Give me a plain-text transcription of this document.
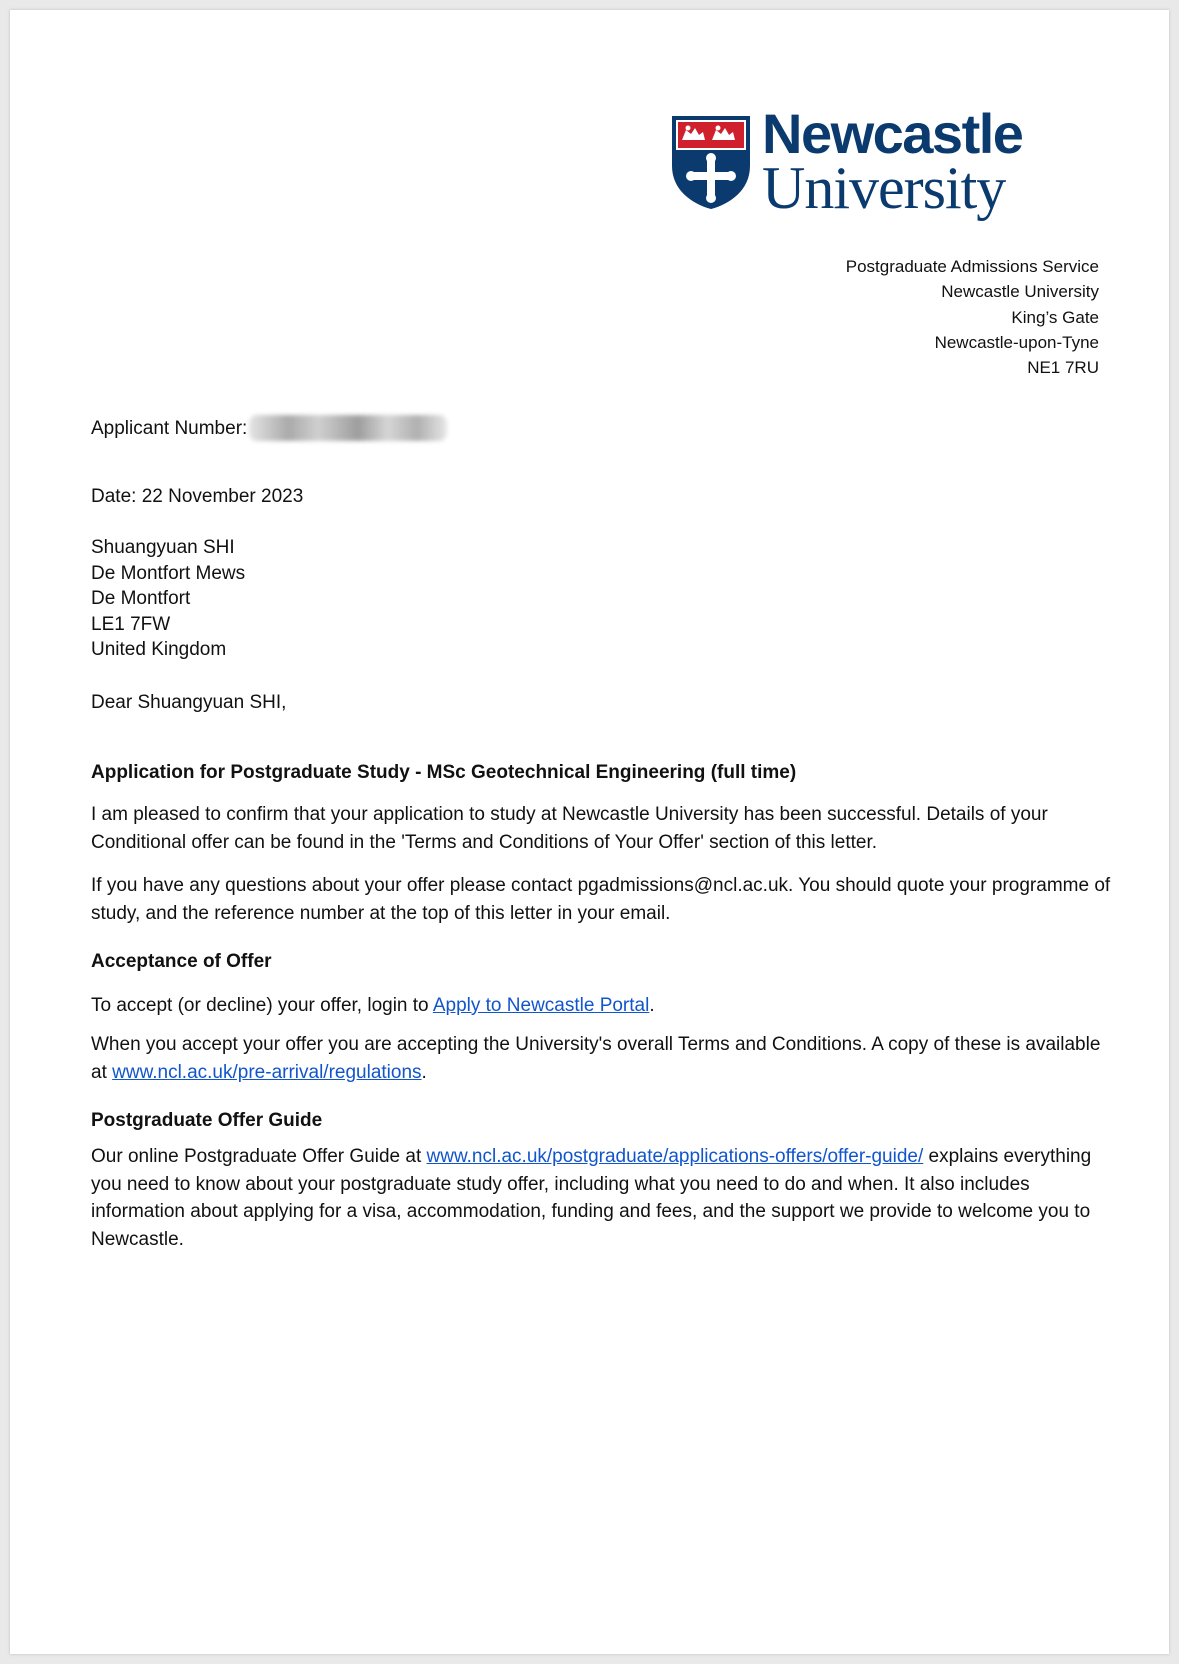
Newcastle
University
Postgraduate Admissions Service
Newcastle University
King’s Gate
Newcastle-upon-Tyne
NE1 7RU
Applicant Number:
Date: 22 November 2023
Shuangyuan SHI
De Montfort Mews
De Montfort
LE1 7FW
United Kingdom
Dear Shuangyuan SHI,
Application for Postgraduate Study - MSc Geotechnical Engineering (full time)

I am pleased to confirm that your application to study at Newcastle University has been successful. Details of your Conditional offer can be found in the 'Terms and Conditions of Your Offer' section of this letter.

If you have any questions about your offer please contact pgadmissions@ncl.ac.uk. You should quote your programme of study, and the reference number at the top of this letter in your email.

Acceptance of Offer
To accept (or decline) your offer, login to Apply to Newcastle Portal.

When you accept your offer you are accepting the University's overall Terms and Conditions. A copy of these is available at www.ncl.ac.uk/pre-arrival/regulations.

Postgraduate Offer Guide

Our online Postgraduate Offer Guide at www.ncl.ac.uk/postgraduate/applications-offers/offer-guide/ explains everything you need to know about your postgraduate study offer, including what you need to do and when. It also includes information about applying for a visa, accommodation, funding and fees, and the support we provide to welcome you to Newcastle.
